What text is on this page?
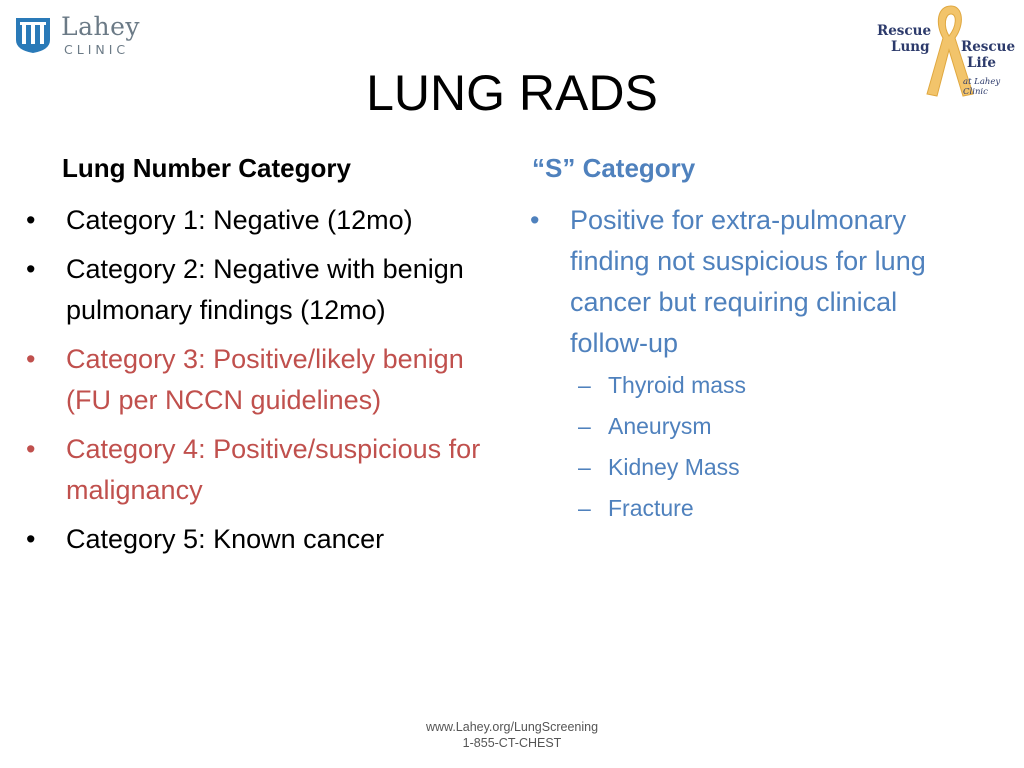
Lahey
CLINIC
Rescue
Lung Rescue
Life
at Lahey Clinic
LUNG RADS
Lung Number Category	“S” Category
• Category 1: Negative (12mo)
• Category 2: Negative with benign pulmonary findings (12mo)
• Category 3: Positive/likely benign (FU per NCCN guidelines)
• Category 4: Positive/suspicious for malignancy
• Category 5: Known cancer
• Positive for extra-pulmonary finding not suspicious for lung cancer but requiring clinical follow-up
– Thyroid mass
– Aneurysm
– Kidney Mass
– Fracture
www.Lahey.org/LungScreening
1-855-CT-CHEST
